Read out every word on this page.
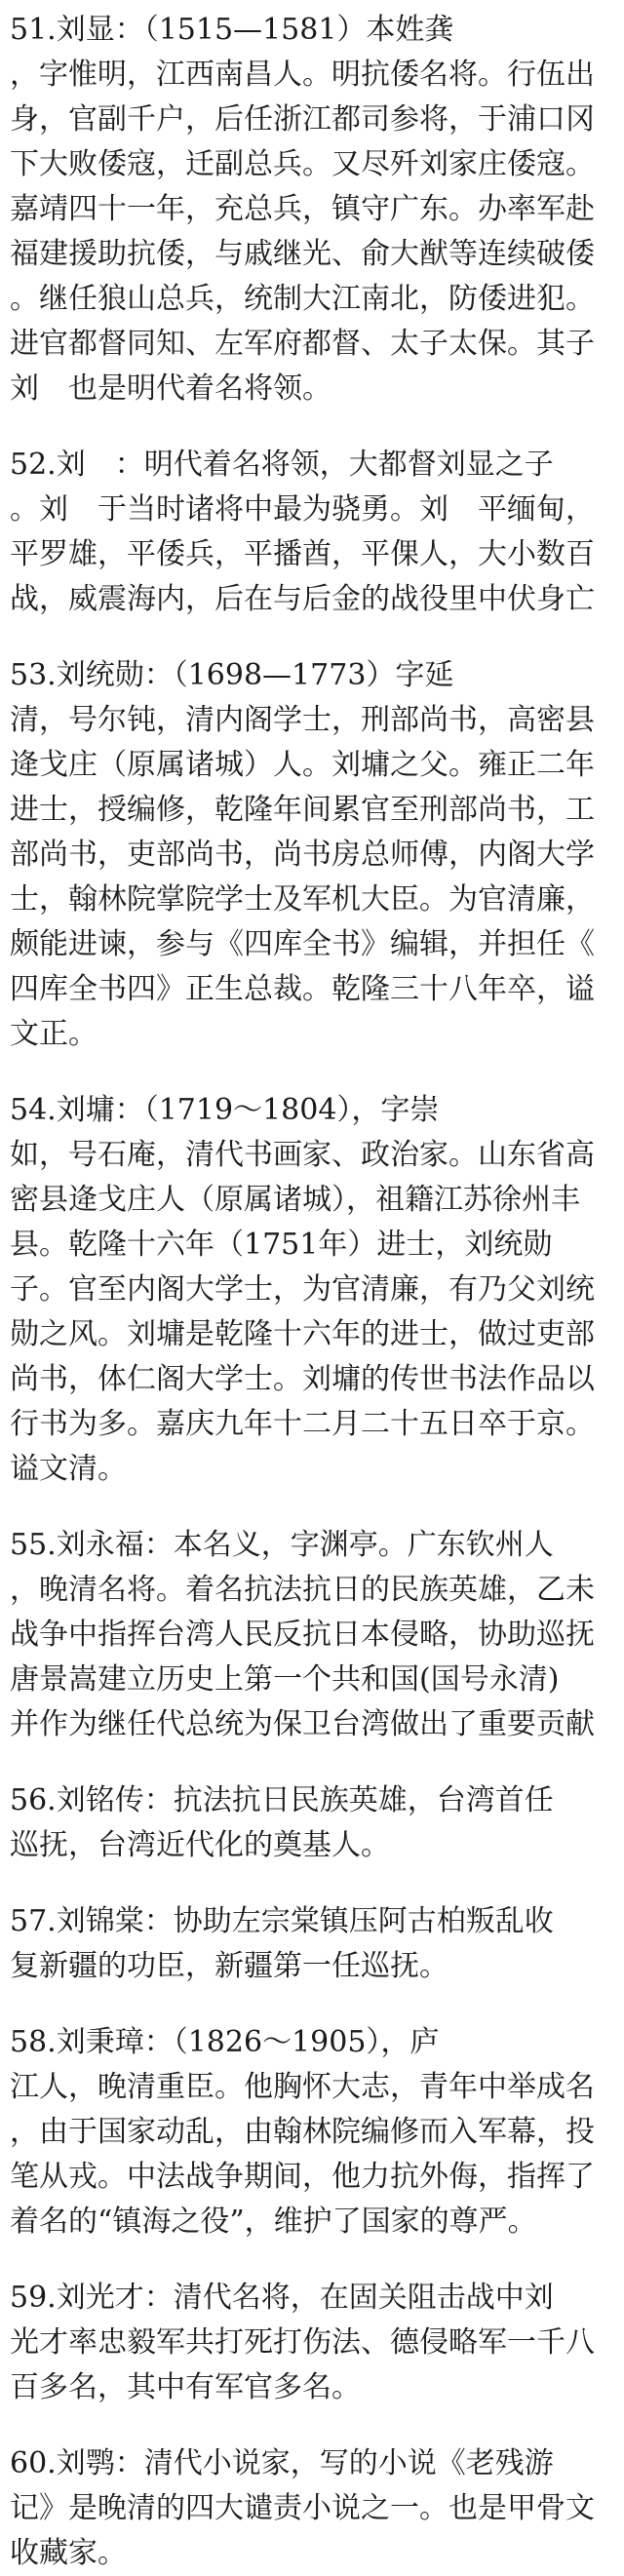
51.刘显：（1515—1581）本姓龚
，字惟明，江西南昌人。明抗倭名将。行伍出
身，官副千户，后任浙江都司参将，于浦口冈
下大败倭寇，迁副总兵。又尽歼刘家庄倭寇。
嘉靖四十一年，充总兵，镇守广东。办率军赴
福建援助抗倭，与戚继光、俞大猷等连续破倭
。继任狼山总兵，统制大江南北，防倭进犯。
进官都督同知、左军府都督、太子太保。其子
刘　也是明代着名将领。
52.刘　：明代着名将领，大都督刘显之子
。刘　于当时诸将中最为骁勇。刘　平缅甸，
平罗雄，平倭兵，平播酋，平倮人，大小数百
战，威震海内，后在与后金的战役里中伏身亡
53.刘统勋：（1698—1773）字延
清，号尔钝，清内阁学士，刑部尚书，高密县
逄戈庄（原属诸城）人。刘墉之父。雍正二年
进士，授编修，乾隆年间累官至刑部尚书，工
部尚书，吏部尚书，尚书房总师傅，内阁大学
士，翰林院掌院学士及军机大臣。为官清廉，
颇能进谏，参与《四库全书》编辑，并担任《
四库全书四》正生总裁。乾隆三十八年卒，谥
文正。
54.刘墉：（1719～1804），字崇
如，号石庵，清代书画家、政治家。山东省高
密县逄戈庄人（原属诸城），祖籍江苏徐州丰
县。乾隆十六年（1751年）进士，刘统勋
子。官至内阁大学士，为官清廉，有乃父刘统
勋之风。刘墉是乾隆十六年的进士，做过吏部
尚书，体仁阁大学士。刘墉的传世书法作品以
行书为多。嘉庆九年十二月二十五日卒于京。
谥文清。
55.刘永福：本名义，字渊亭。广东钦州人
，晚清名将。着名抗法抗日的民族英雄，乙未
战争中指挥台湾人民反抗日本侵略，协助巡抚
唐景嵩建立历史上第一个共和国(国号永清)
并作为继任代总统为保卫台湾做出了重要贡献
56.刘铭传：抗法抗日民族英雄，台湾首任
巡抚，台湾近代化的奠基人。
57.刘锦棠：协助左宗棠镇压阿古柏叛乱收
复新疆的功臣，新疆第一任巡抚。
58.刘秉璋：（1826～1905），庐
江人，晚清重臣。他胸怀大志，青年中举成名
，由于国家动乱，由翰林院编修而入军幕，投
笔从戎。中法战争期间，他力抗外侮，指挥了
着名的“镇海之役”，维护了国家的尊严。
59.刘光才：清代名将，在固关阻击战中刘
光才率忠毅军共打死打伤法、德侵略军一千八
百多名，其中有军官多名。
60.刘鹗：清代小说家，写的小说《老残游
记》是晚清的四大谴责小说之一。也是甲骨文
收藏家。
